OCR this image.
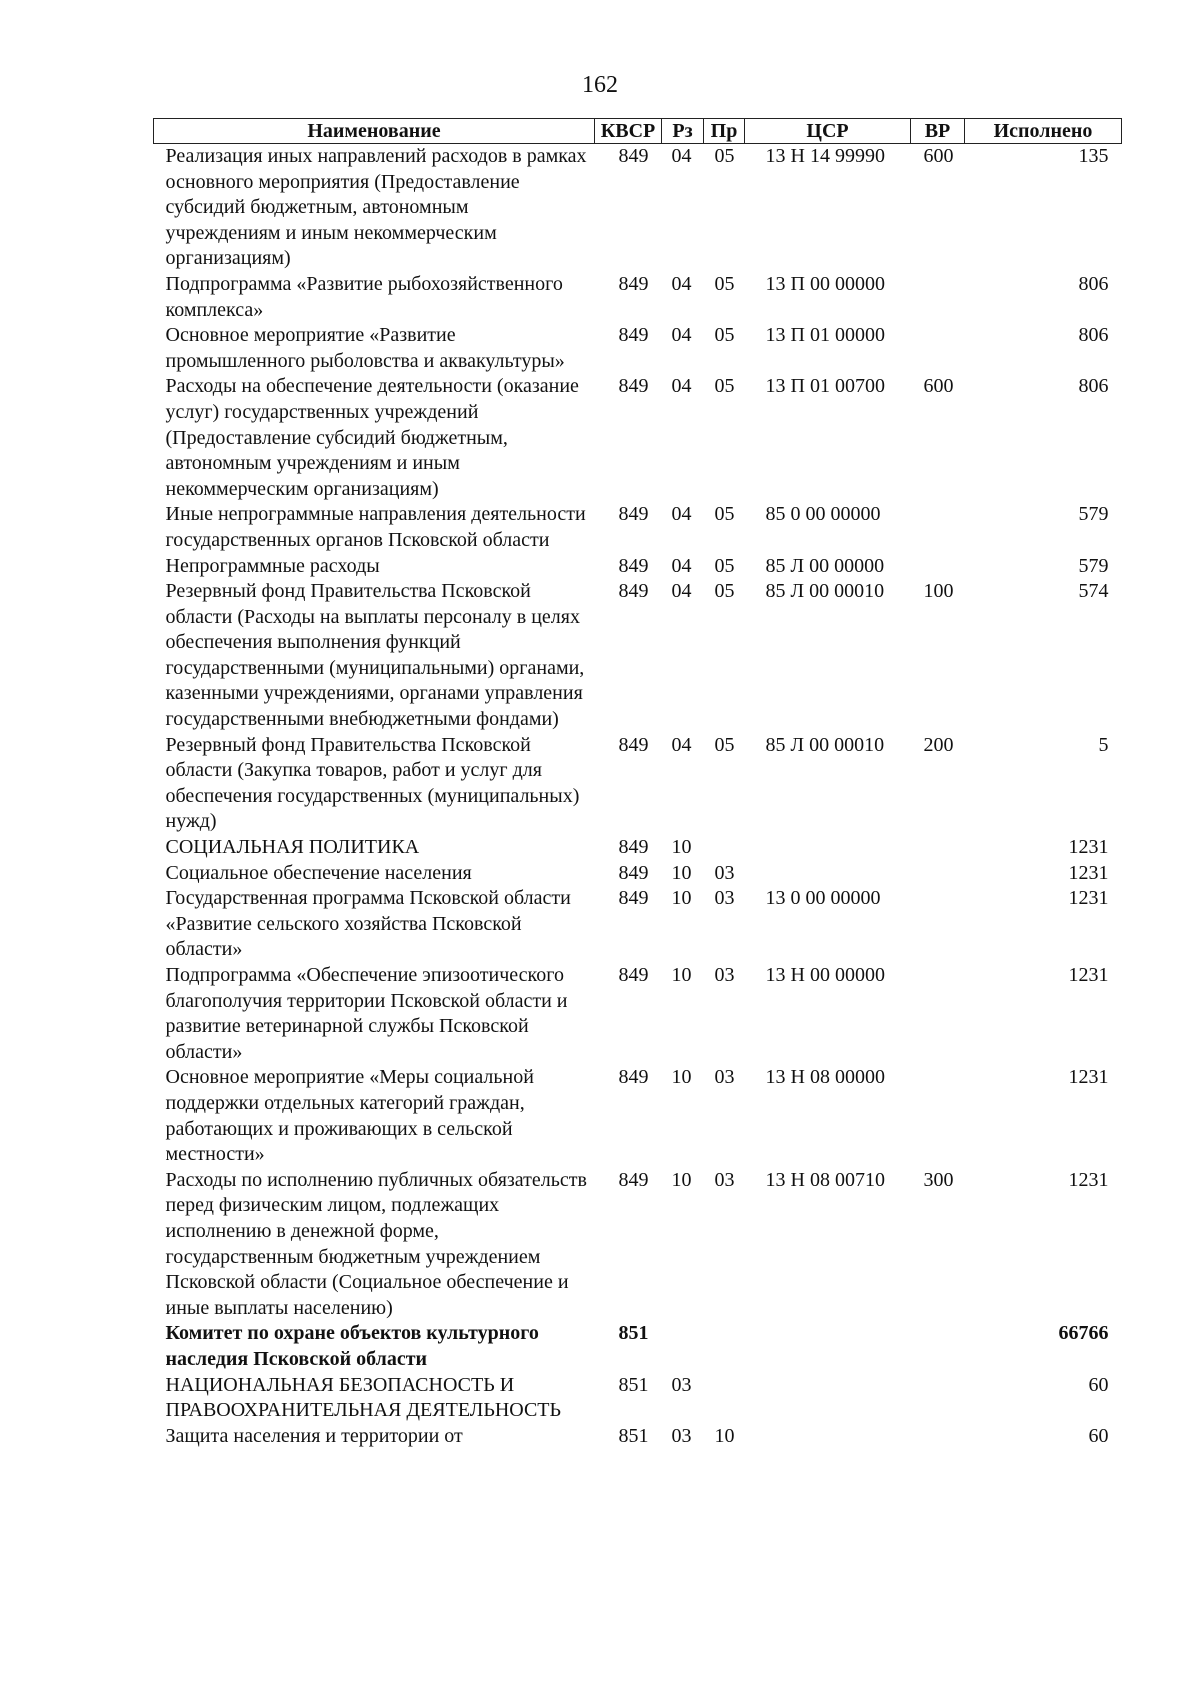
162
Наименование	КВСР	Рз	Пр	ЦСР	ВР	Исполнено
Реализация иных направлений расходов в рамках основного мероприятия (Предоставление субсидий бюджетным, автономным учреждениям и иным некоммерческим организациям)	849	04	05	13 Н 14 99990	600	135
Подпрограмма «Развитие рыбохозяйственного комплекса»	849	04	05	13 П 00 00000		806
Основное мероприятие «Развитие промышленного рыболовства и аквакультуры»	849	04	05	13 П 01 00000		806
Расходы на обеспечение деятельности (оказание услуг) государственных учреждений (Предоставление субсидий бюджетным, автономным учреждениям и иным некоммерческим организациям)	849	04	05	13 П 01 00700	600	806
Иные непрограммные направления деятельности государственных органов Псковской области	849	04	05	85 0 00 00000		579
Непрограммные расходы	849	04	05	85 Л 00 00000		579
Резервный фонд Правительства Псковской области (Расходы на выплаты персоналу в целях обеспечения выполнения функций государственными (муниципальными) органами, казенными учреждениями, органами управления государственными внебюджетными фондами)	849	04	05	85 Л 00 00010	100	574
Резервный фонд Правительства Псковской области (Закупка товаров, работ и услуг для обеспечения государственных (муниципальных) нужд)	849	04	05	85 Л 00 00010	200	5
СОЦИАЛЬНАЯ ПОЛИТИКА	849	10				1231
Социальное обеспечение населения	849	10	03			1231
Государственная программа Псковской области «Развитие сельского хозяйства Псковской области»	849	10	03	13 0 00 00000		1231
Подпрограмма «Обеспечение эпизоотического благополучия территории Псковской области и развитие ветеринарной службы Псковской области»	849	10	03	13 Н 00 00000		1231
Основное мероприятие «Меры социальной поддержки отдельных категорий граждан, работающих и проживающих в сельской местности»	849	10	03	13 Н 08 00000		1231
Расходы по исполнению публичных обязательств перед физическим лицом, подлежащих исполнению в денежной форме, государственным бюджетным учреждением Псковской области (Социальное обеспечение и иные выплаты населению)	849	10	03	13 Н 08 00710	300	1231
Комитет по охране объектов культурного наследия Псковской области	851					66766
НАЦИОНАЛЬНАЯ БЕЗОПАСНОСТЬ И ПРАВООХРАНИТЕЛЬНАЯ ДЕЯТЕЛЬНОСТЬ	851	03				60
Защита населения и территории от	851	03	10			60
